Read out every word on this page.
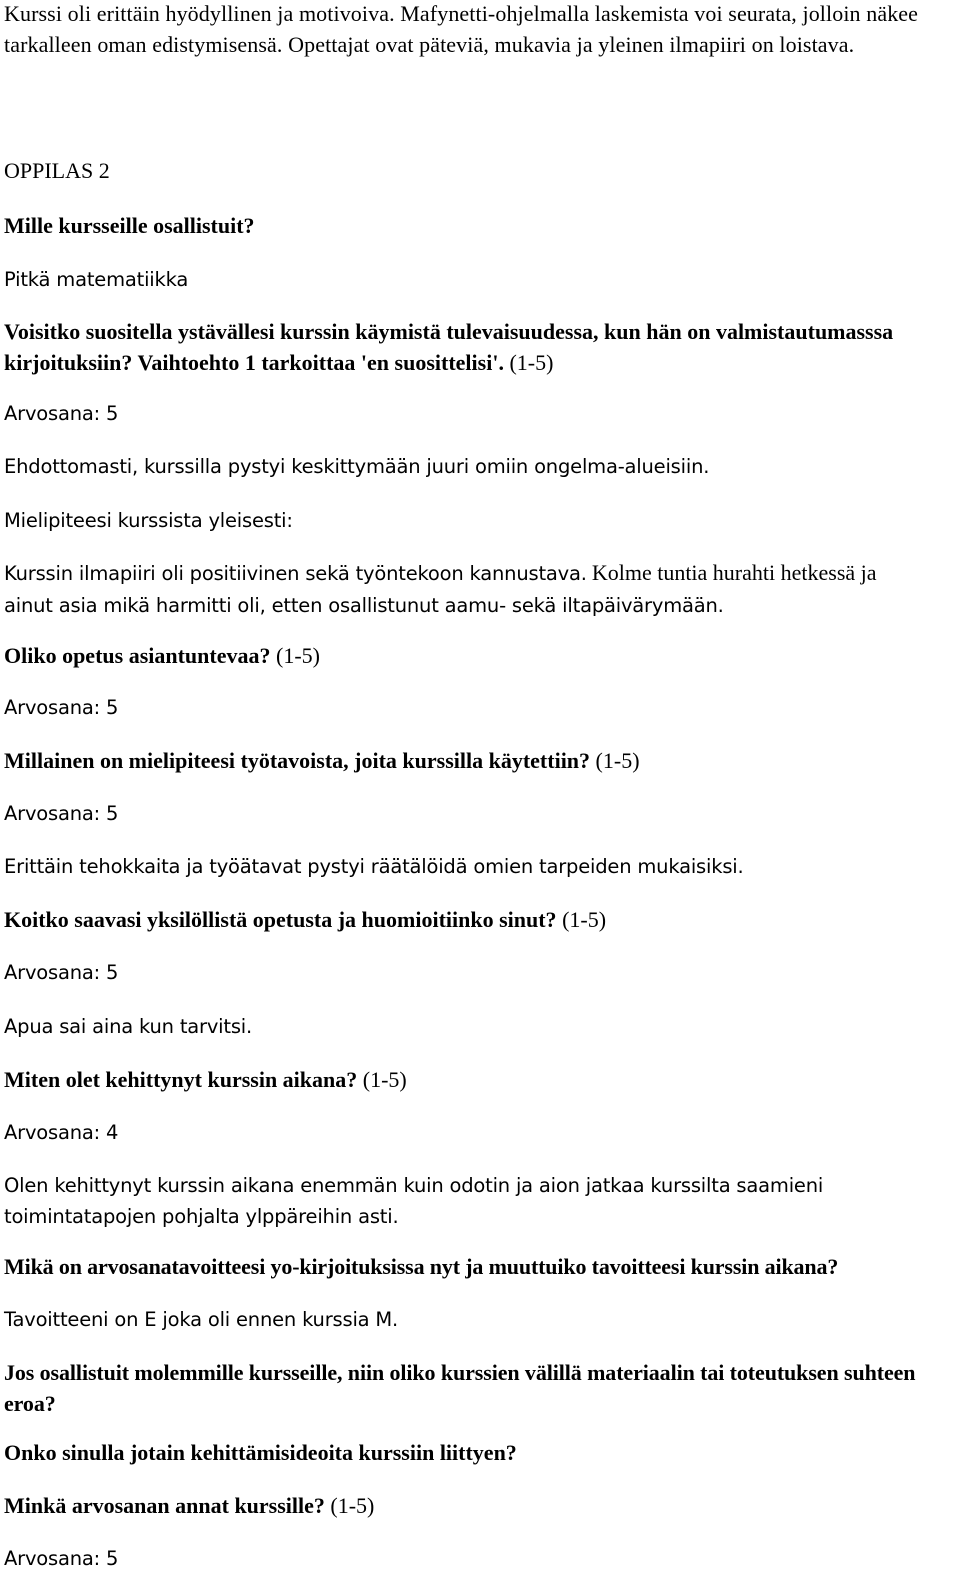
Kurssi oli erittäin hyödyllinen ja motivoiva. Mafynetti-ohjelmalla laskemista voi seurata, jolloin näkee tarkalleen oman edistymisensä. Opettajat ovat päteviä, mukavia ja yleinen ilmapiiri on loistava.

OPPILAS 2

Mille kursseille osallistuit?

Pitkä matematiikka

Voisitko suositella ystävällesi kurssin käymistä tulevaisuudessa, kun hän on valmistautumasssa kirjoituksiin? Vaihtoehto 1 tarkoittaa 'en suosittelisi'. (1-5)

Arvosana: 5

Ehdottomasti, kurssilla pystyi keskittymään juuri omiin ongelma-alueisiin.

Mielipiteesi kurssista yleisesti:

Kurssin ilmapiiri oli positiivinen sekä työntekoon kannustava. Kolme tuntia hurahti hetkessä ja
ainut asia mikä harmitti oli, etten osallistunut aamu- sekä iltapäivärymään.

Oliko opetus asiantuntevaa? (1-5)

Arvosana: 5

Millainen on mielipiteesi työtavoista, joita kurssilla käytettiin? (1-5)

Arvosana: 5

Erittäin tehokkaita ja työätavat pystyi räätälöidä omien tarpeiden mukaisiksi.

Koitko saavasi yksilöllistä opetusta ja huomioitiinko sinut? (1-5)

Arvosana: 5

Apua sai aina kun tarvitsi.

Miten olet kehittynyt kurssin aikana? (1-5)

Arvosana: 4

Olen kehittynyt kurssin aikana enemmän kuin odotin ja aion jatkaa kurssilta saamieni
toimintatapojen pohjalta ylppäreihin asti.

Mikä on arvosanatavoitteesi yo-kirjoituksissa nyt ja muuttuiko tavoitteesi kurssin aikana?

Tavoitteeni on E joka oli ennen kurssia M.

Jos osallistuit molemmille kursseille, niin oliko kurssien välillä materiaalin tai toteutuksen suhteen eroa?

Onko sinulla jotain kehittämisideoita kurssiin liittyen?

Minkä arvosanan annat kurssille? (1-5)

Arvosana: 5
